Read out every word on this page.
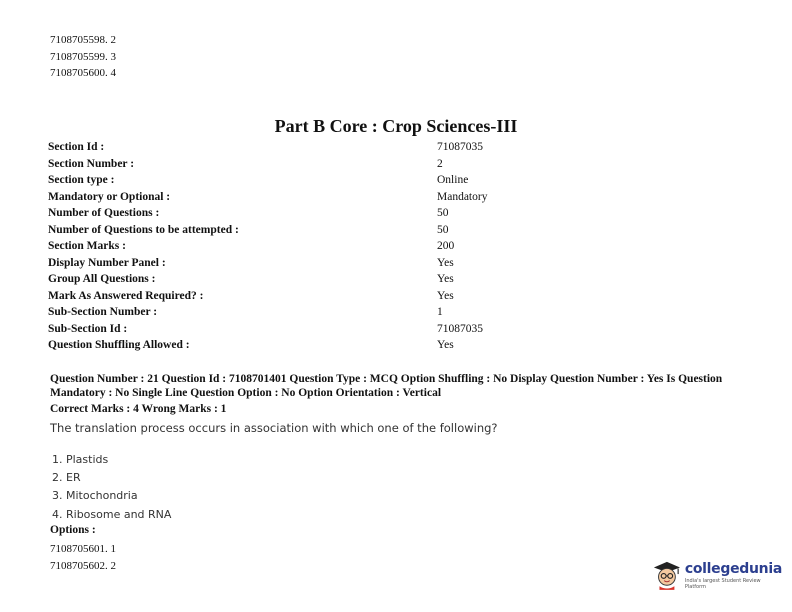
7108705598. 2
7108705599. 3
7108705600. 4
Part B Core : Crop Sciences-III
Section Id :	71087035
Section Number :	2
Section type :	Online
Mandatory or Optional :	Mandatory
Number of Questions :	50
Number of Questions to be attempted :	50
Section Marks :	200
Display Number Panel :	Yes
Group All Questions :	Yes
Mark As Answered Required? :	Yes
Sub-Section Number :	1
Sub-Section Id :	71087035
Question Shuffling Allowed :	Yes
Question Number : 21 Question Id : 7108701401 Question Type : MCQ Option Shuffling : No Display Question Number : Yes Is Question Mandatory : No Single Line Question Option : No Option Orientation : Vertical
Correct Marks : 4 Wrong Marks : 1
The translation process occurs in association with which one of the following?
1. Plastids
2. ER
3. Mitochondria
4. Ribosome and RNA
Options :
7108705601. 1
7108705602. 2	collegedunia
India's largest Student Review Platform
